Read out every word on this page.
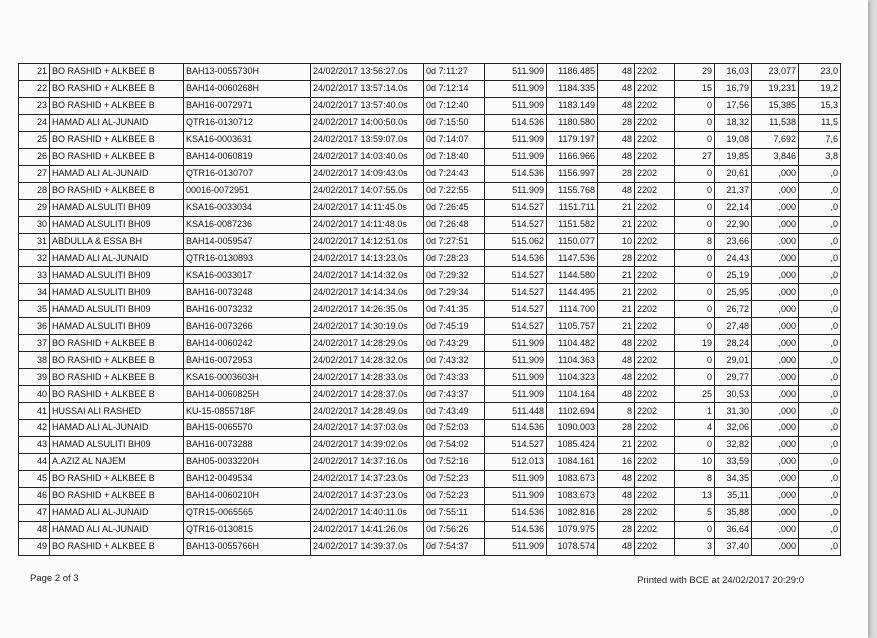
21	BO RASHID + ALKBEE B	BAH13-0055730H	24/02/2017 13:56:27.0s	0d 7:11:27	511.909	1186.485	48	2202	29	16,03	23,077	23,0
22	BO RASHID + ALKBEE B	BAH14-0060268H	24/02/2017 13:57:14.0s	0d 7:12:14	511.909	1184.335	48	2202	15	16,79	19,231	19,2
23	BO RASHID + ALKBEE B	BAH16-0072971	24/02/2017 13:57:40.0s	0d 7:12:40	511.909	1183.149	48	2202	0	17,56	15,385	15,3
24	HAMAD ALI AL-JUNAID	QTR16-0130712	24/02/2017 14:00:50.0s	0d 7:15:50	514.536	1180.580	28	2202	0	18,32	11,538	11,5
25	BO RASHID + ALKBEE B	KSA16-0003631	24/02/2017 13:59:07.0s	0d 7:14:07	511.909	1179.197	48	2202	0	19,08	7,692	7,6
26	BO RASHID + ALKBEE B	BAH14-0060819	24/02/2017 14:03:40.0s	0d 7:18:40	511.909	1166.966	48	2202	27	19,85	3,846	3,8
27	HAMAD ALI AL-JUNAID	QTR16-0130707	24/02/2017 14:09:43.0s	0d 7:24:43	514.536	1156.997	28	2202	0	20,61	,000	,0
28	BO RASHID + ALKBEE B	00016-0072951	24/02/2017 14:07:55.0s	0d 7:22:55	511.909	1155.768	48	2202	0	21,37	,000	,0
29	HAMAD ALSULITI BH09	KSA16-0033034	24/02/2017 14:11:45.0s	0d 7:26:45	514.527	1151.711	21	2202	0	22,14	,000	,0
30	HAMAD ALSULITI BH09	KSA16-0087236	24/02/2017 14:11:48.0s	0d 7:26:48	514.527	1151.582	21	2202	0	22,90	,000	,0
31	ABDULLA & ESSA BH	BAH14-0059547	24/02/2017 14:12:51.0s	0d 7:27:51	515.062	1150.077	10	2202	8	23,66	,000	,0
32	HAMAD ALI AL-JUNAID	QTR16-0130893	24/02/2017 14:13:23.0s	0d 7:28:23	514.536	1147.536	28	2202	0	24,43	,000	,0
33	HAMAD ALSULITI BH09	KSA16-0033017	24/02/2017 14:14:32.0s	0d 7:29:32	514.527	1144.580	21	2202	0	25,19	,000	,0
34	HAMAD ALSULITI BH09	BAH16-0073248	24/02/2017 14:14:34.0s	0d 7:29:34	514.527	1144.495	21	2202	0	25,95	,000	,0
35	HAMAD ALSULITI BH09	BAH16-0073232	24/02/2017 14:26:35.0s	0d 7:41:35	514.527	1114.700	21	2202	0	26,72	,000	,0
36	HAMAD ALSULITI BH09	BAH16-0073266	24/02/2017 14:30:19.0s	0d 7:45:19	514.527	1105.757	21	2202	0	27,48	,000	,0
37	BO RASHID + ALKBEE B	BAH14-0060242	24/02/2017 14:28:29.0s	0d 7:43:29	511.909	1104.482	48	2202	19	28,24	,000	,0
38	BO RASHID + ALKBEE B	BAH16-0072953	24/02/2017 14:28:32.0s	0d 7:43:32	511.909	1104.363	48	2202	0	29,01	,000	,0
39	BO RASHID + ALKBEE B	KSA16-0003603H	24/02/2017 14:28:33.0s	0d 7:43:33	511.909	1104.323	48	2202	0	29,77	,000	,0
40	BO RASHID + ALKBEE B	BAH14-0060825H	24/02/2017 14:28:37.0s	0d 7:43:37	511.909	1104.164	48	2202	25	30,53	,000	,0
41	HUSSAI ALI RASHED	KU-15-0855718F	24/02/2017 14:28:49.0s	0d 7:43:49	511.448	1102.694	8	2202	1	31,30	,000	,0
42	HAMAD ALI AL-JUNAID	BAH15-0065570	24/02/2017 14:37:03.0s	0d 7:52:03	514.536	1090.003	28	2202	4	32,06	,000	,0
43	HAMAD ALSULITI BH09	BAH16-0073288	24/02/2017 14:39:02.0s	0d 7:54:02	514.527	1085.424	21	2202	0	32,82	,000	,0
44	A.AZIZ AL NAJEM	BAH05-0033220H	24/02/2017 14:37:16.0s	0d 7:52:16	512.013	1084.161	16	2202	10	33,59	,000	,0
45	BO RASHID + ALKBEE B	BAH12-0049534	24/02/2017 14:37:23.0s	0d 7:52:23	511.909	1083.673	48	2202	8	34,35	,000	,0
46	BO RASHID + ALKBEE B	BAH14-0060210H	24/02/2017 14:37:23.0s	0d 7:52:23	511.909	1083.673	48	2202	13	35,11	,000	,0
47	HAMAD ALI AL-JUNAID	QTR15-0065565	24/02/2017 14:40:11.0s	0d 7:55:11	514.536	1082.816	28	2202	5	35,88	,000	,0
48	HAMAD ALI AL-JUNAID	QTR16-0130815	24/02/2017 14:41:26.0s	0d 7:56:26	514.536	1079.975	28	2202	0	36,64	,000	,0
49	BO RASHID + ALKBEE B	BAH13-0055766H	24/02/2017 14:39:37.0s	0d 7:54:37	511.909	1078.574	48	2202	3	37,40	,000	,0
Page 2 of 3	Printed with BCE at 24/02/2017 20:29:0
